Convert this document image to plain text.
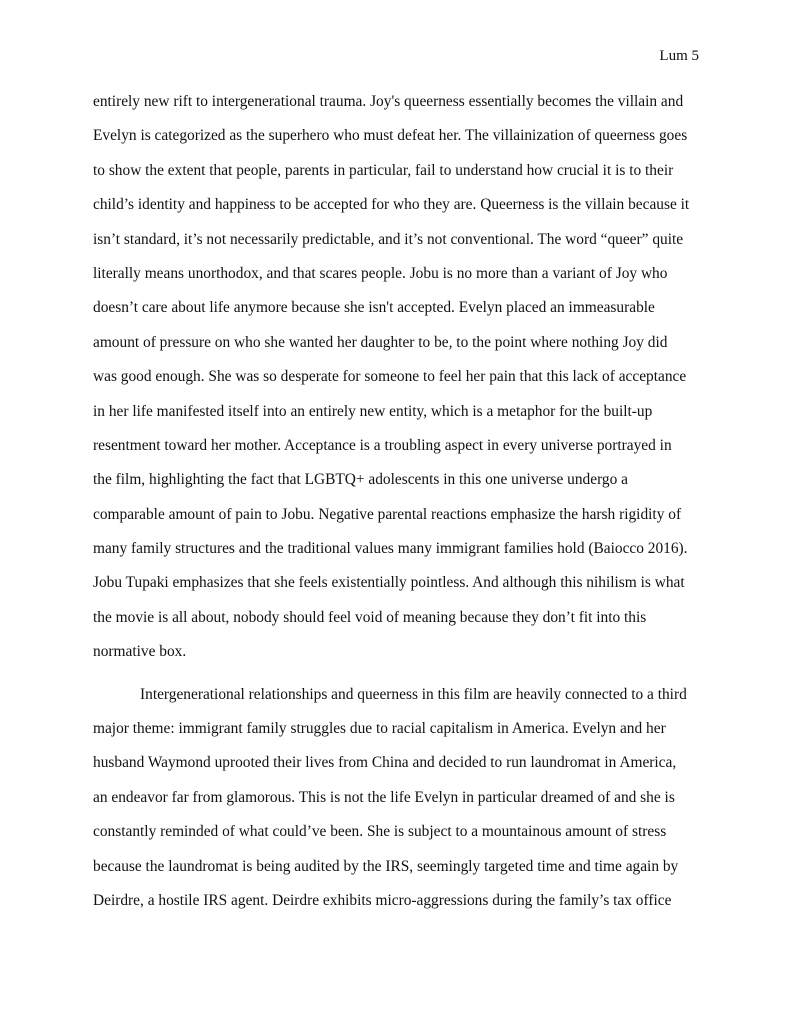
Lum 5
entirely new rift to intergenerational trauma. Joy's queerness essentially becomes the villain and
Evelyn is categorized as the superhero who must defeat her. The villainization of queerness goes
to show the extent that people, parents in particular, fail to understand how crucial it is to their
child’s identity and happiness to be accepted for who they are. Queerness is the villain because it
isn’t standard, it’s not necessarily predictable, and it’s not conventional. The word “queer” quite
literally means unorthodox, and that scares people. Jobu is no more than a variant of Joy who
doesn’t care about life anymore because she isn't accepted. Evelyn placed an immeasurable
amount of pressure on who she wanted her daughter to be, to the point where nothing Joy did
was good enough. She was so desperate for someone to feel her pain that this lack of acceptance
in her life manifested itself into an entirely new entity, which is a metaphor for the built-up
resentment toward her mother. Acceptance is a troubling aspect in every universe portrayed in
the film, highlighting the fact that LGBTQ+ adolescents in this one universe undergo a
comparable amount of pain to Jobu. Negative parental reactions emphasize the harsh rigidity of
many family structures and the traditional values many immigrant families hold (Baiocco 2016).
Jobu Tupaki emphasizes that she feels existentially pointless. And although this nihilism is what
the movie is all about, nobody should feel void of meaning because they don’t fit into this
normative box.
Intergenerational relationships and queerness in this film are heavily connected to a third
major theme: immigrant family struggles due to racial capitalism in America. Evelyn and her
husband Waymond uprooted their lives from China and decided to run laundromat in America,
an endeavor far from glamorous. This is not the life Evelyn in particular dreamed of and she is
constantly reminded of what could’ve been. She is subject to a mountainous amount of stress
because the laundromat is being audited by the IRS, seemingly targeted time and time again by
Deirdre, a hostile IRS agent. Deirdre exhibits micro-aggressions during the family’s tax office
